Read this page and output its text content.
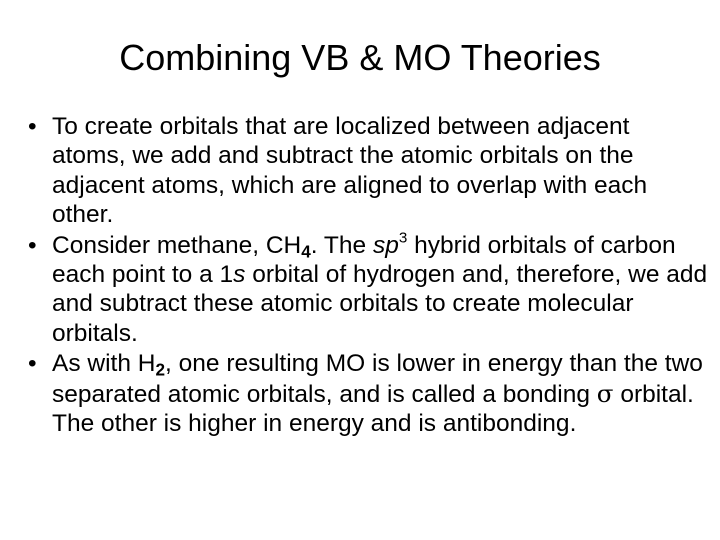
Combining VB & MO Theories
• To create orbitals that are localized between adjacent atoms, we add and subtract the atomic orbitals on the adjacent atoms, which are aligned to overlap with each other.
• Consider methane, $CH_4$. The $sp^3$ hybrid orbitals of carbon each point to a 1s orbital of hydrogen and, therefore, we add and subtract these atomic orbitals to create molecular orbitals.
• As with $H_2$, one resulting MO is lower in energy than the two separated atomic orbitals, and is called a bonding σ orbital. The other is higher in energy and is antibonding.
